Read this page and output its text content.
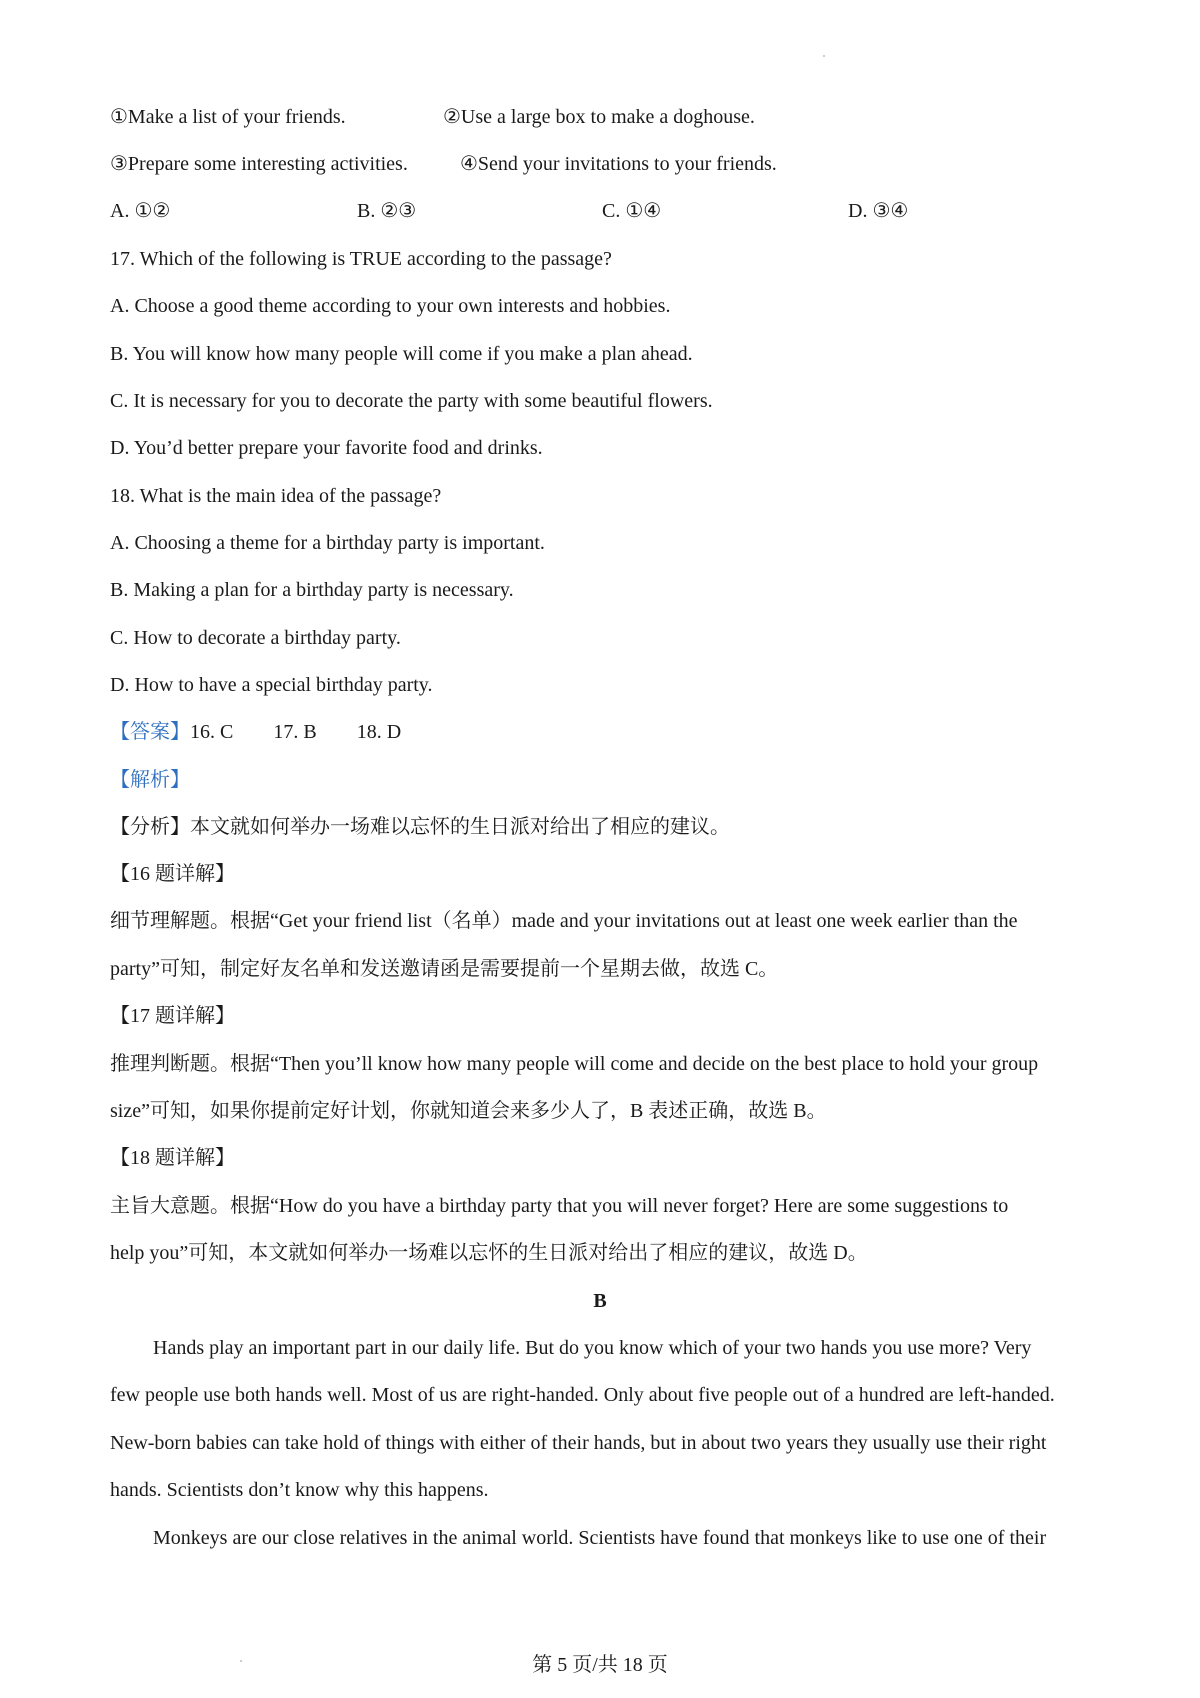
①Make a list of your friends.	②Use a large box to make a doghouse.
③Prepare some interesting activities.	④Send your invitations to your friends.
A. ①②	B. ②③	C. ①④	D. ③④
17. Which of the following is TRUE according to the passage?
A. Choose a good theme according to your own interests and hobbies.
B. You will know how many people will come if you make a plan ahead.
C. It is necessary for you to decorate the party with some beautiful flowers.
D. You’d better prepare your favorite food and drinks.
18. What is the main idea of the passage?
A. Choosing a theme for a birthday party is important.
B. Making a plan for a birthday party is necessary.
C. How to decorate a birthday party.
D. How to have a special birthday party.
【答案】16. C 17. B 18. D
【解析】
【分析】本文就如何举办一场难以忘怀的生日派对给出了相应的建议。
【16 题详解】
细节理解题。根据“Get your friend list（名单）made and your invitations out at least one week earlier than the
party”可知，制定好友名单和发送邀请函是需要提前一个星期去做，故选 C。
【17 题详解】
推理判断题。根据“Then you’ll know how many people will come and decide on the best place to hold your group
size”可知，如果你提前定好计划，你就知道会来多少人了，B 表述正确，故选 B。
【18 题详解】
主旨大意题。根据“How do you have a birthday party that you will never forget? Here are some suggestions to
help you”可知，本文就如何举办一场难以忘怀的生日派对给出了相应的建议，故选 D。
B
Hands play an important part in our daily life. But do you know which of your two hands you use more? Very
few people use both hands well. Most of us are right-handed. Only about five people out of a hundred are left-handed.
New-born babies can take hold of things with either of their hands, but in about two years they usually use their right
hands. Scientists don’t know why this happens.
Monkeys are our close relatives in the animal world. Scientists have found that monkeys like to use one of their
第 5 页/共 18 页
